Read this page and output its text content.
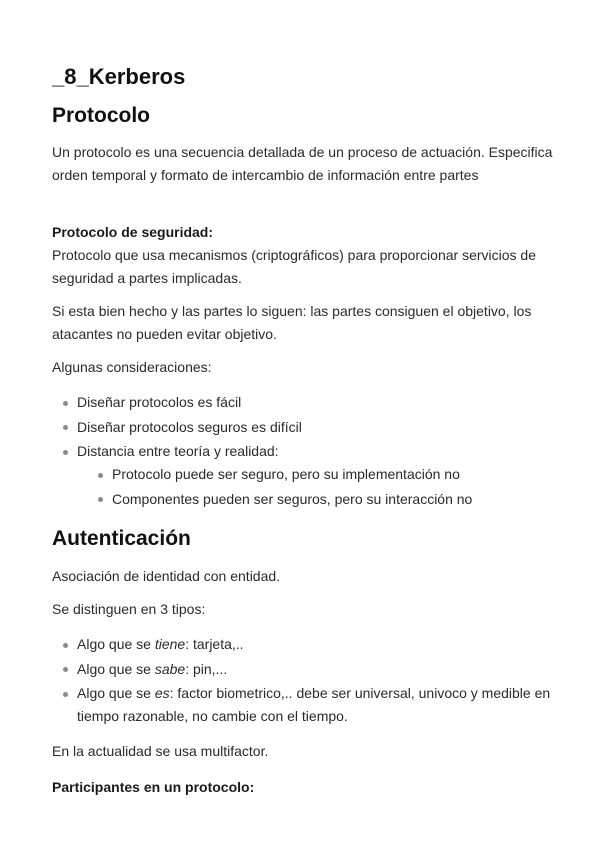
_8_Kerberos
Protocolo
Un protocolo es una secuencia detallada de un proceso de actuación. Especifica orden temporal y formato de intercambio de información entre partes
Protocolo de seguridad:
Protocolo que usa mecanismos (criptográficos) para proporcionar servicios de seguridad a partes implicadas.
Si esta bien hecho y las partes lo siguen: las partes consiguen el objetivo, los atacantes no pueden evitar objetivo.
Algunas consideraciones:
Diseñar protocolos es fácil
Diseñar protocolos seguros es difícil
Distancia entre teoría y realidad:
Protocolo puede ser seguro, pero su implementación no
Componentes pueden ser seguros, pero su interacción no
Autenticación
Asociación de identidad con entidad.
Se distinguen en 3 tipos:
Algo que se tiene: tarjeta,..
Algo que se sabe: pin,...
Algo que se es: factor biometrico,.. debe ser universal, univoco y medible en tiempo razonable, no cambie con el tiempo.
En la actualidad se usa multifactor.
Participantes en un protocolo:
